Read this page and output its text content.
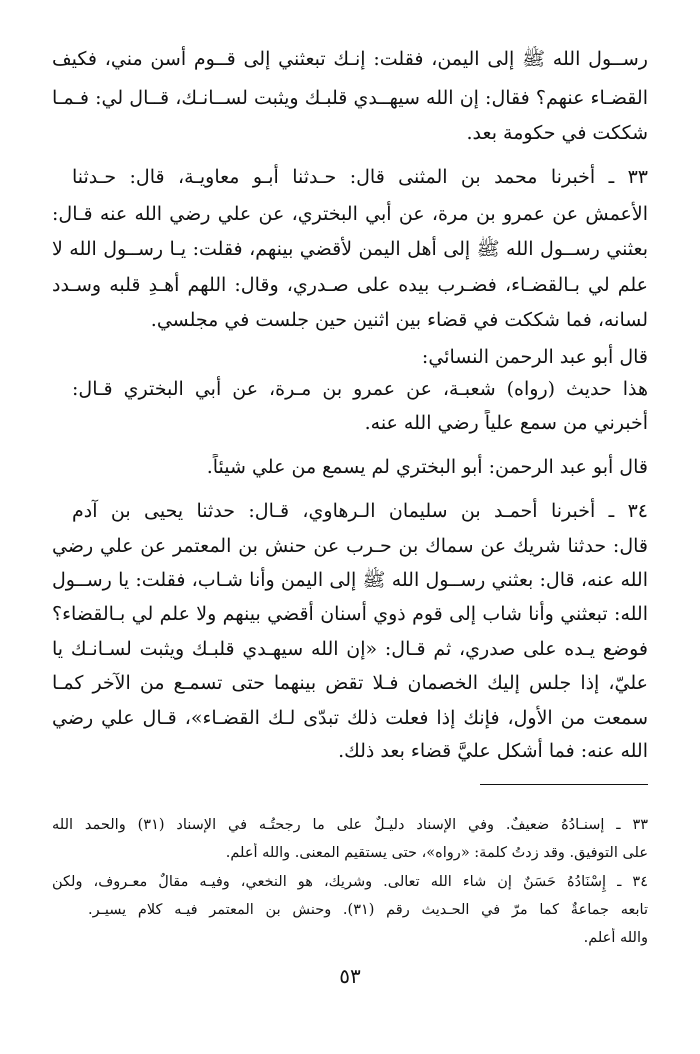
رســول الله ﷺ إلى اليمن، فقلت: إنـك تبعثني إلى قــوم أسن مني، فكيف
القضـاء عنهم؟ فقال: إن الله سيهــدي قلبـك ويثبت لســانـك، قــال لي: فـمـا
شككت في حكومة بعد.
٣٣ ـ أخبرنا محمد بن المثنى قال: حـدثنا أبـو معاويـة، قال: حـدثنا
الأعمش عن عمرو بن مرة، عن أبي البختري، عن علي رضي الله عنه قـال:
بعثني رســول الله ﷺ إلى أهل اليمن لأقضي بينهم، فقلت: يـا رســول الله لا
علم لي بـالقضـاء، فضـرب بيده على صـدري، وقال: اللهم أهـدِ قلبه وسـدد
لسانه، فما شككت في قضاء بين اثنين حين جلست في مجلسي.
قال أبو عبد الرحمن النسائي:
هذا حديث (رواه) شعبـة، عن عمرو بن مـرة، عن أبي البختري قـال:
أخبرني من سمع علياً رضي الله عنه.
قال أبو عبد الرحمن: أبو البختري لم يسمع من علي شيئاً.
٣٤ ـ أخبرنا أحمـد بن سليمان الـرهاوي، قـال: حدثنا يحيى بن آدم
قال: حدثنا شريك عن سماك بن حـرب عن حنش بن المعتمر عن علي رضي
الله عنه، قال: بعثني رســول الله ﷺ إلى اليمن وأنا شـاب، فقلت: يا رســول
الله: تبعثني وأنا شاب إلى قوم ذوي أسنان أقضي بينهم ولا علم لي بـالقضاء؟
فوضع يـده على صدري، ثم قـال: «إن الله سيهـدي قلبـك ويثبت لسـانـك يا
عليّ، إذا جلس إليك الخصمان فـلا تقض بينهما حتى تسمـع من الآخر كمـا
سمعت من الأول، فإنك إذا فعلت ذلك تبدّى لـك القضـاء»، قـال علي رضي
الله عنه: فما أشكل عليَّ قضاء بعد ذلك.
٣٣ ـ إسنـادُهُ ضعيفٌ. وفي الإسناد دليـلٌ على ما رجحتُـه في الإسناد (٣١) والحمد الله
على التوفيق. وقد زدتُ كلمة: «رواه»، حتى يستقيم المعنى. والله أعلم.
٣٤ ـ إِسْنَادُهُ حَسَنٌ إن شاء الله تعالى. وشريك، هو النخعي، وفيـه مقالٌ معـروف، ولكن
تابعه جماعةٌ كما مرّ في الحـديث رقم (٣١). وحنش بن المعتمر فيـه كلام يسيـر.
والله أعلم.
٥٣
